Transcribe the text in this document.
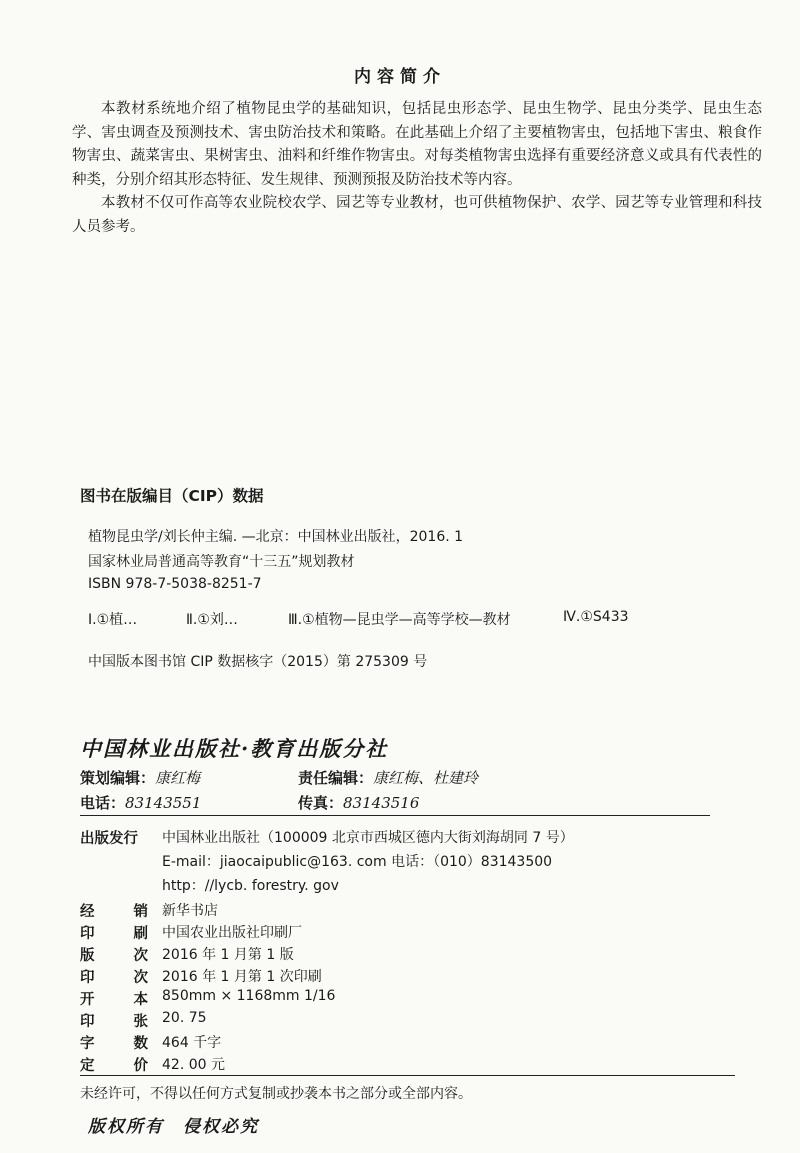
内容简介

本教材系统地介绍了植物昆虫学的基础知识，包括昆虫形态学、昆虫生物学、昆虫分类学、昆虫生态学、害虫调查及预测技术、害虫防治技术和策略。在此基础上介绍了主要植物害虫，包括地下害虫、粮食作物害虫、蔬菜害虫、果树害虫、油料和纤维作物害虫。对每类植物害虫选择有重要经济意义或具有代表性的种类，分别介绍其形态特征、发生规律、预测预报及防治技术等内容。

本教材不仅可作高等农业院校农学、园艺等专业教材，也可供植物保护、农学、园艺等专业管理和科技人员参考。

图书在版编目（CIP）数据
植物昆虫学/刘长仲主编. —北京：中国林业出版社，2016. 1
国家林业局普通高等教育“十三五”规划教材
ISBN 978-7-5038-8251-7
Ⅰ.①植…	Ⅱ.①刘…	Ⅲ.①植物—昆虫学—高等学校—教材	Ⅳ.①S433
中国版本图书馆 CIP 数据核字（2015）第 275309 号
中国林业出版社·教育出版分社
策划编辑：康红梅	责任编辑：康红梅、杜建玲
电话：83143551	传真：83143516
出版发行 中国林业出版社（100009 北京市西城区德内大街刘海胡同 7 号）
E-mail：jiaocaipublic@163. com 电话：（010）83143500
http：//lycb. forestry. gov
经	销 新华书店
印	刷 中国农业出版社印刷厂
版	次 2016 年 1 月第 1 版
印	次 2016 年 1 月第 1 次印刷
开	本 850mm × 1168mm 1/16
印	张 20. 75
字	数 464 千字
定	价 42. 00 元
未经许可，不得以任何方式复制或抄袭本书之部分或全部内容。
版权所有　侵权必究
